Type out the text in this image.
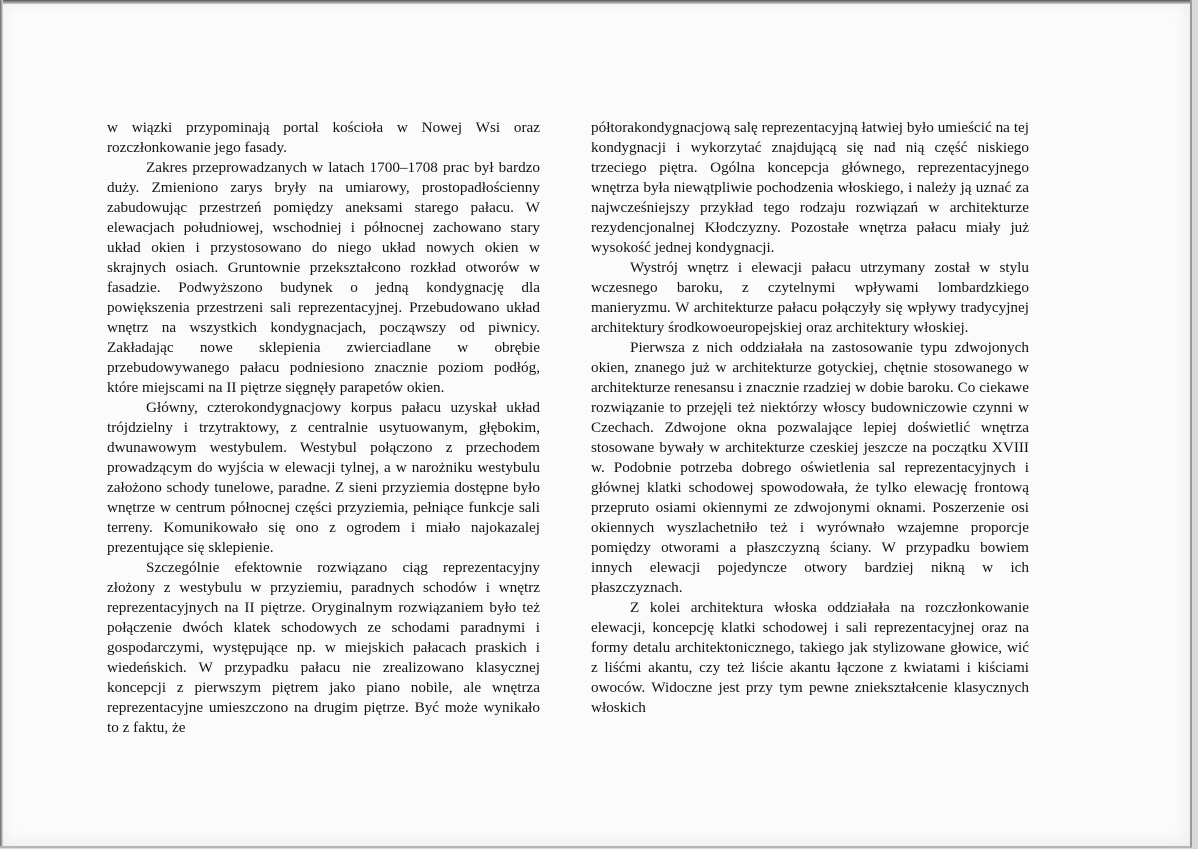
w wiązki przypominają portal kościoła w Nowej Wsi oraz rozczłonkowanie jego fasady.

Zakres przeprowadzanych w latach 1700–1708 prac był bardzo duży. Zmieniono zarys bryły na umiarowy, prostopadłościenny zabudowując przestrzeń pomiędzy aneksami starego pałacu. W elewacjach południowej, wschodniej i północnej zachowano stary układ okien i przystosowano do niego układ nowych okien w skrajnych osiach. Gruntownie przekształcono rozkład otworów w fasadzie. Podwyższono budynek o jedną kondygnację dla powiększenia przestrzeni sali reprezentacyjnej. Przebudowano układ wnętrz na wszystkich kondygnacjach, począwszy od piwnicy. Zakładając nowe sklepienia zwierciadlane w obrębie przebudowywanego pałacu podniesiono znacznie poziom podłóg, które miejscami na II piętrze sięgnęły parapetów okien.

Główny, czterokondygnacjowy korpus pałacu uzyskał układ trójdzielny i trzytraktowy, z centralnie usytuowanym, głębokim, dwunawowym westybulem. Westybul połączono z przechodem prowadzącym do wyjścia w elewacji tylnej, a w narożniku westybulu założono schody tunelowe, paradne. Z sieni przyziemia dostępne było wnętrze w centrum północnej części przyziemia, pełniące funkcje sali terreny. Komunikowało się ono z ogrodem i miało najokazalej prezentujące się sklepienie.

Szczególnie efektownie rozwiązano ciąg reprezentacyjny złożony z westybulu w przyziemiu, paradnych schodów i wnętrz reprezentacyjnych na II piętrze. Oryginalnym rozwiązaniem było też połączenie dwóch klatek schodowych ze schodami paradnymi i gospodarczymi, występujące np. w miejskich pałacach praskich i wiedeńskich. W przypadku pałacu nie zrealizowano klasycznej koncepcji z pierwszym piętrem jako piano nobile, ale wnętrza reprezentacyjne umieszczono na drugim piętrze. Być może wynikało to z faktu, że

półtorakondygnacjową salę reprezentacyjną łatwiej było umieścić na tej kondygnacji i wykorzytać znajdującą się nad nią część niskiego trzeciego piętra. Ogólna koncepcja głównego, reprezentacyjnego wnętrza była niewątpliwie pochodzenia włoskiego, i należy ją uznać za najwcześniejszy przykład tego rodzaju rozwiązań w architekturze rezydencjonalnej Kłodczyzny. Pozostałe wnętrza pałacu miały już wysokość jednej kondygnacji.

Wystrój wnętrz i elewacji pałacu utrzymany został w stylu wczesnego baroku, z czytelnymi wpływami lombardzkiego manieryzmu. W architekturze pałacu połączyły się wpływy tradycyjnej architektury środkowoeuropejskiej oraz architektury włoskiej.

Pierwsza z nich oddziałała na zastosowanie typu zdwojonych okien, znanego już w architekturze gotyckiej, chętnie stosowanego w architekturze renesansu i znacznie rzadziej w dobie baroku. Co ciekawe rozwiązanie to przejęli też niektórzy włoscy budowniczowie czynni w Czechach. Zdwojone okna pozwalające lepiej doświetlić wnętrza stosowane bywały w architekturze czeskiej jeszcze na początku XVIII w. Podobnie potrzeba dobrego oświetlenia sal reprezentacyjnych i głównej klatki schodowej spowodowała, że tylko elewację frontową przepruto osiami okiennymi ze zdwojonymi oknami. Poszerzenie osi okiennych wyszlachetniło też i wyrównało wzajemne proporcje pomiędzy otworami a płaszczyzną ściany. W przypadku bowiem innych elewacji pojedyncze otwory bardziej nikną w ich płaszczyznach.

Z kolei architektura włoska oddziałała na rozczłonkowanie elewacji, koncepcję klatki schodowej i sali reprezentacyjnej oraz na formy detalu architektonicznego, takiego jak stylizowane głowice, wić z liśćmi akantu, czy też liście akantu łączone z kwiatami i kiściami owoców. Widoczne jest przy tym pewne zniekształcenie klasycznych włoskich
